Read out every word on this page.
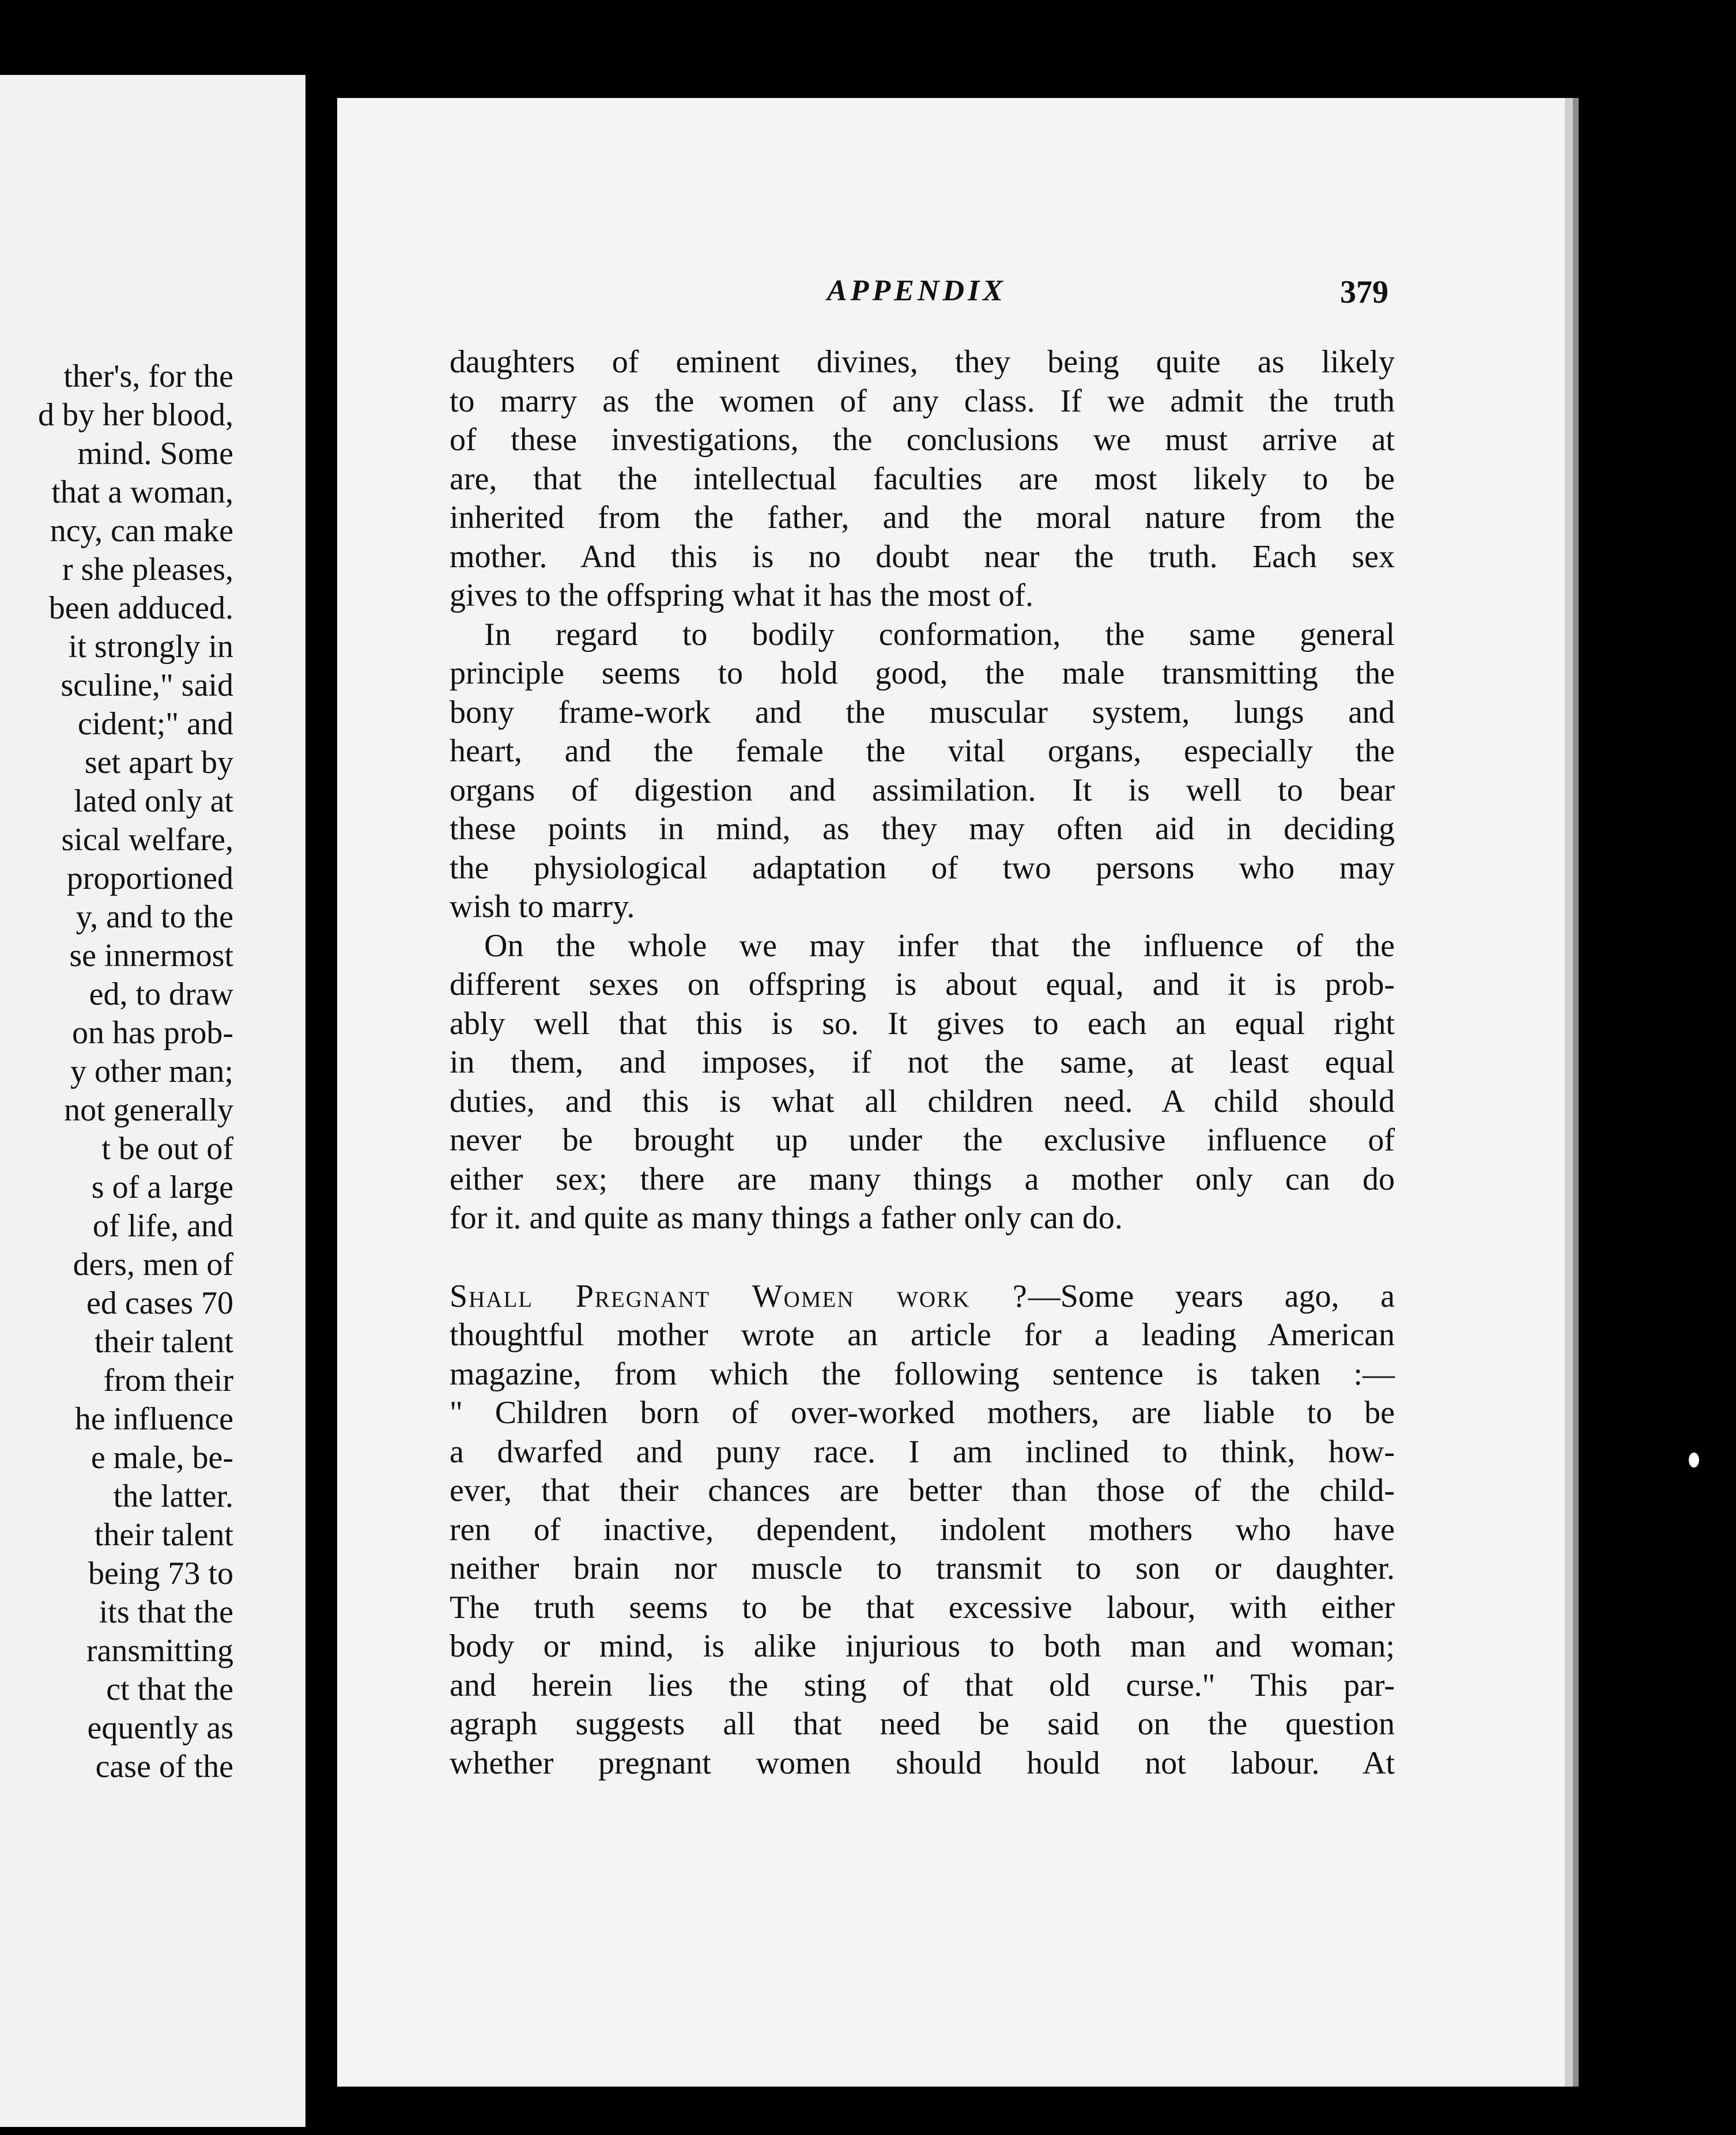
ther's, for the
d by her blood,
mind. Some
that a woman,
ncy, can make
r she pleases,
been adduced.
it strongly in
sculine," said
cident;" and
set apart by
lated only at
sical welfare,
proportioned
y, and to the
se innermost
ed, to draw
on has prob-
y other man;
not generally
t be out of
s of a large
of life, and
ders, men of
ed cases 70
their talent
from their
he influence
e male, be-
the latter.
their talent
being 73 to
its that the
ransmitting
ct that the
equently as
case of the
APPENDIX	379
daughters of eminent divines, they being quite as likely
to marry as the women of any class. If we admit the truth
of these investigations, the conclusions we must arrive at
are, that the intellectual faculties are most likely to be
inherited from the father, and the moral nature from the
mother. And this is no doubt near the truth. Each sex
gives to the offspring what it has the most of.
In regard to bodily conformation, the same general
principle seems to hold good, the male transmitting the
bony frame-work and the muscular system, lungs and
heart, and the female the vital organs, especially the
organs of digestion and assimilation. It is well to bear
these points in mind, as they may often aid in deciding
the physiological adaptation of two persons who may
wish to marry.
On the whole we may infer that the influence of the
different sexes on offspring is about equal, and it is prob-
ably well that this is so. It gives to each an equal right
in them, and imposes, if not the same, at least equal
duties, and this is what all children need. A child should
never be brought up under the exclusive influence of
either sex; there are many things a mother only can do
for it. and quite as many things a father only can do.
Shall Pregnant Women work ?—Some years ago, a
thoughtful mother wrote an article for a leading American
magazine, from which the following sentence is taken :—
" Children born of over-worked mothers, are liable to be
a dwarfed and puny race. I am inclined to think, how-
ever, that their chances are better than those of the child-
ren of inactive, dependent, indolent mothers who have
neither brain nor muscle to transmit to son or daughter.
The truth seems to be that excessive labour, with either
body or mind, is alike injurious to both man and woman;
and herein lies the sting of that old curse." This par-
agraph suggests all that need be said on the question
whether pregnant women should hould not labour. At
